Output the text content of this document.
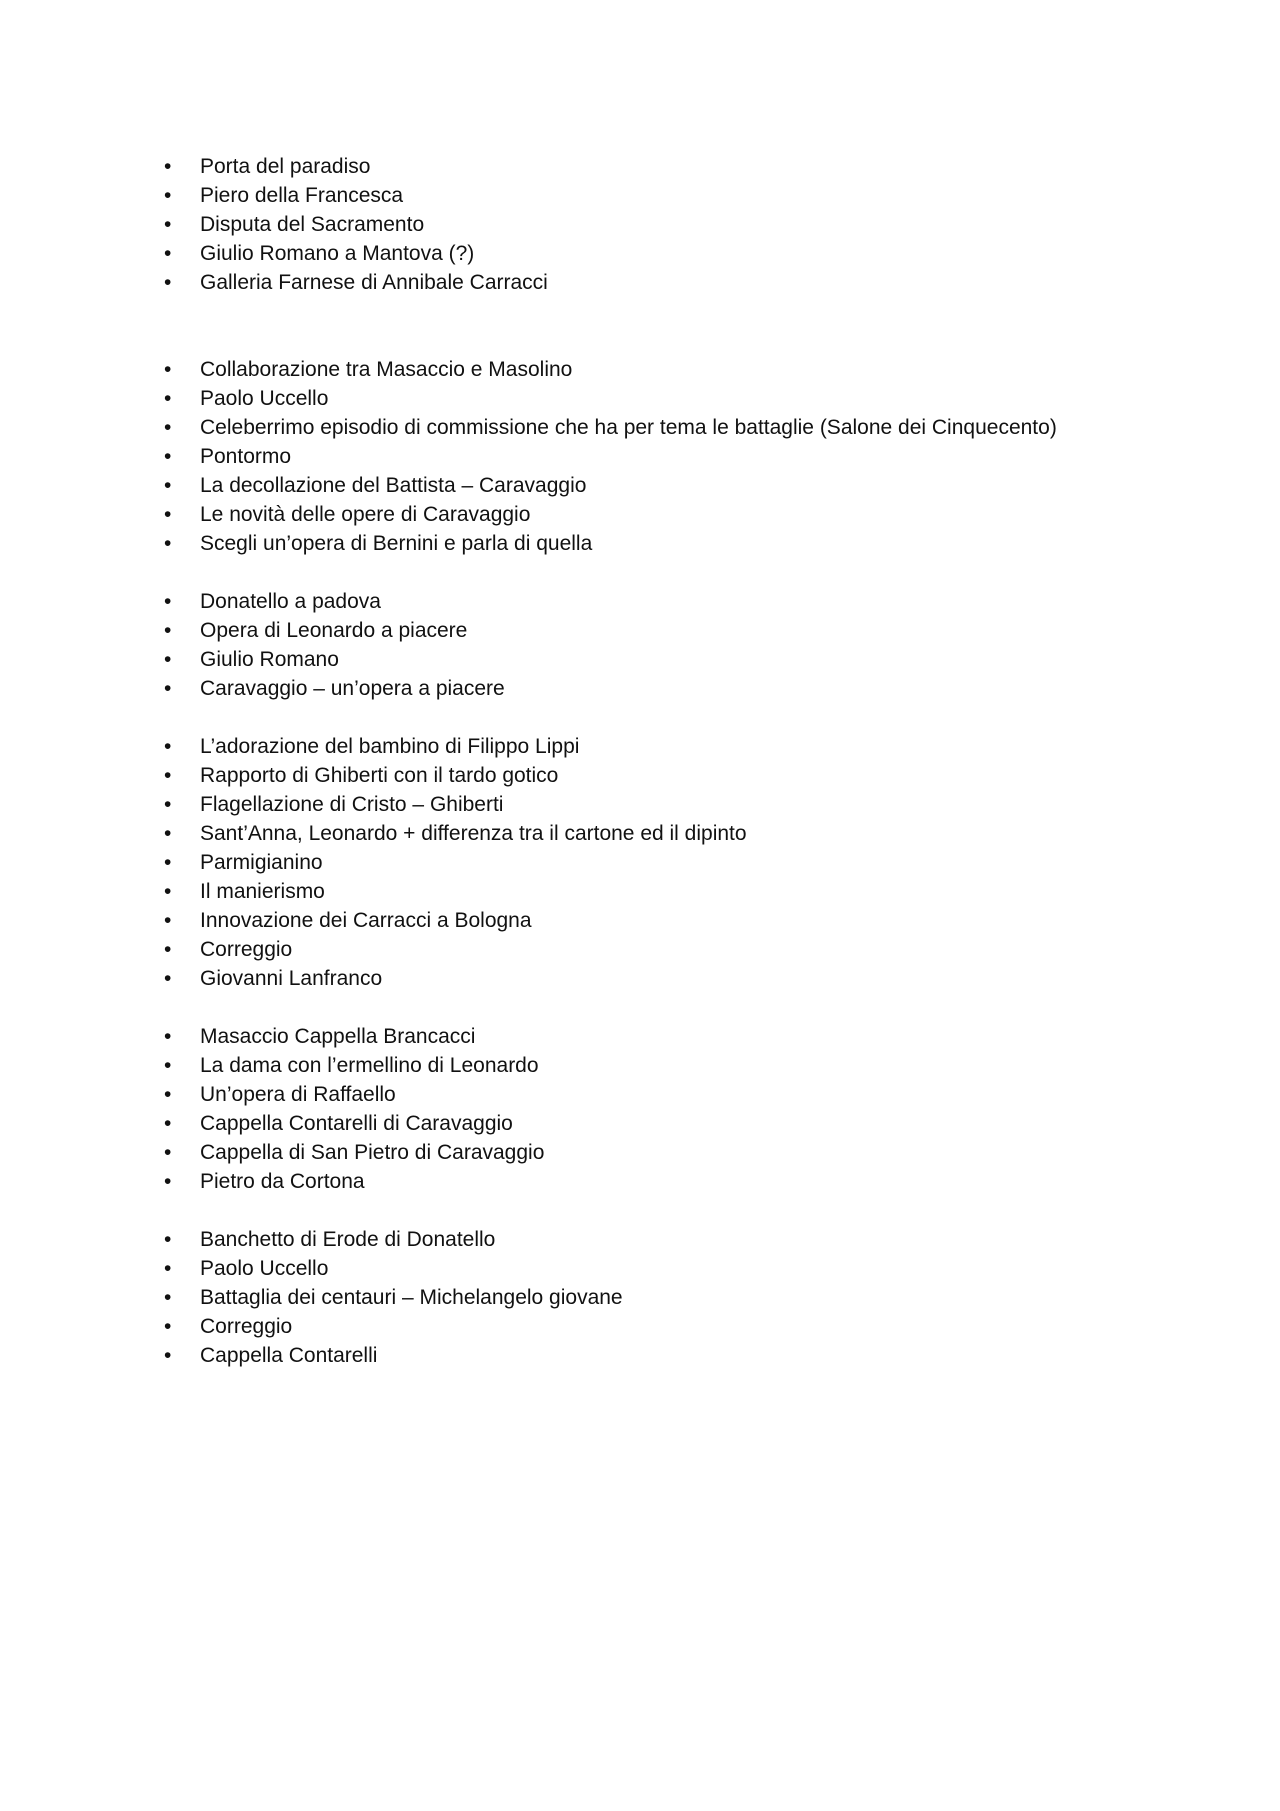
• Porta del paradiso
• Piero della Francesca
• Disputa del Sacramento
• Giulio Romano a Mantova (?)
• Galleria Farnese di Annibale Carracci
• Collaborazione tra Masaccio e Masolino
• Paolo Uccello
• Celeberrimo episodio di commissione che ha per tema le battaglie (Salone dei Cinquecento)
• Pontormo
• La decollazione del Battista – Caravaggio
• Le novità delle opere di Caravaggio
• Scegli un’opera di Bernini e parla di quella
• Donatello a padova
• Opera di Leonardo a piacere
• Giulio Romano
• Caravaggio – un’opera a piacere
• L’adorazione del bambino di Filippo Lippi
• Rapporto di Ghiberti con il tardo gotico
• Flagellazione di Cristo – Ghiberti
• Sant’Anna, Leonardo + differenza tra il cartone ed il dipinto
• Parmigianino
• Il manierismo
• Innovazione dei Carracci a Bologna
• Correggio
• Giovanni Lanfranco
• Masaccio Cappella Brancacci
• La dama con l’ermellino di Leonardo
• Un’opera di Raffaello
• Cappella Contarelli di Caravaggio
• Cappella di San Pietro di Caravaggio
• Pietro da Cortona
• Banchetto di Erode di Donatello
• Paolo Uccello
• Battaglia dei centauri – Michelangelo giovane
• Correggio
• Cappella Contarelli
